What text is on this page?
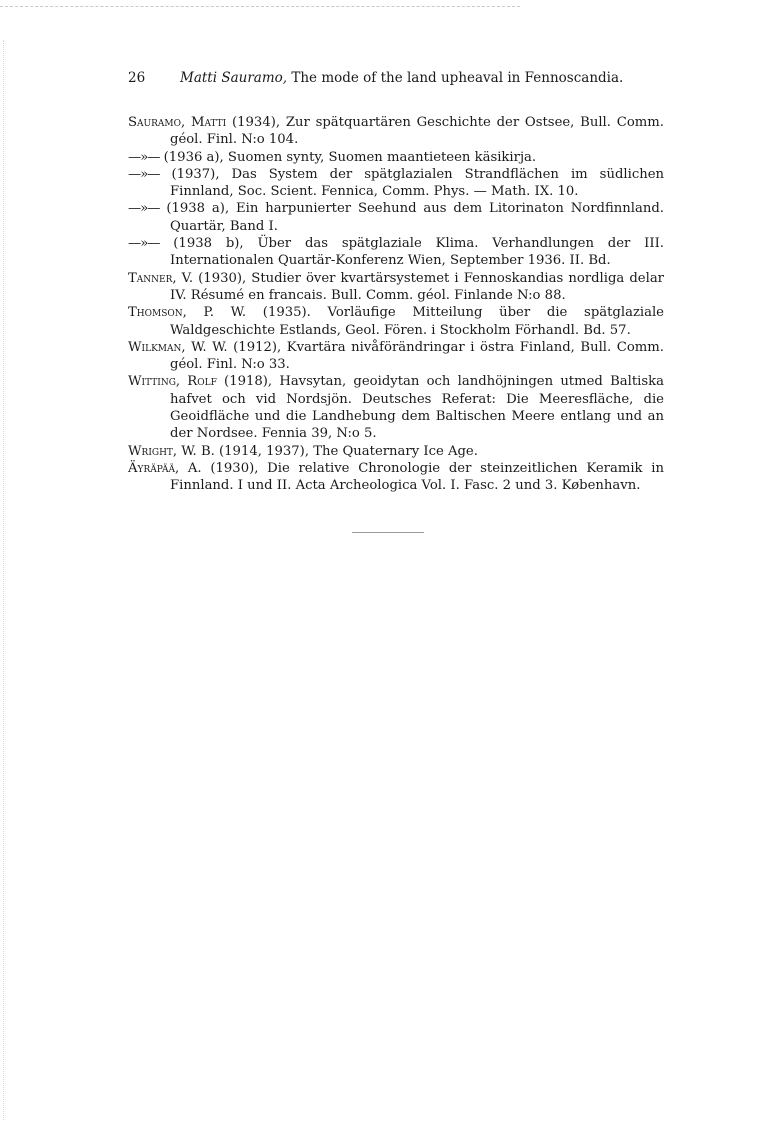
26	Matti Sauramo, The mode of the land upheaval in Fennoscandia.

Sauramo, Matti (1934), Zur spätquartären Geschichte der Ostsee, Bull. Comm. géol. Finl. N:o 104.

—»— (1936 a), Suomen synty, Suomen maantieteen käsikirja.

—»— (1937), Das System der spätglazialen Strandflächen im südlichen Finnland, Soc. Scient. Fennica, Comm. Phys. — Math. IX. 10.

—»— (1938 a), Ein harpunierter Seehund aus dem Litorinaton Nordfinnland. Quartär, Band I.

—»— (1938 b), Über das spätglaziale Klima. Verhandlungen der III. Internationalen Quartär-Konferenz Wien, September 1936. II. Bd.

Tanner, V. (1930), Studier över kvartärsystemet i Fennoskandias nordliga delar IV. Résumé en francais. Bull. Comm. géol. Finlande N:o 88.

Thomson, P. W. (1935). Vorläufige Mitteilung über die spätglaziale Waldgeschichte Estlands, Geol. Fören. i Stockholm Förhandl. Bd. 57.

Wilkman, W. W. (1912), Kvartära nivåförändringar i östra Finland, Bull. Comm. géol. Finl. N:o 33.

Witting, Rolf (1918), Havsytan, geoidytan och landhöjningen utmed Baltiska hafvet och vid Nordsjön. Deutsches Referat: Die Meeresfläche, die Geoidfläche und die Landhebung dem Baltischen Meere entlang und an der Nordsee. Fennia 39, N:o 5.

Wright, W. B. (1914, 1937), The Quaternary Ice Age.

Äyräpää, A. (1930), Die relative Chronologie der steinzeitlichen Keramik in Finnland. I und II. Acta Archeologica Vol. I. Fasc. 2 und 3. København.
